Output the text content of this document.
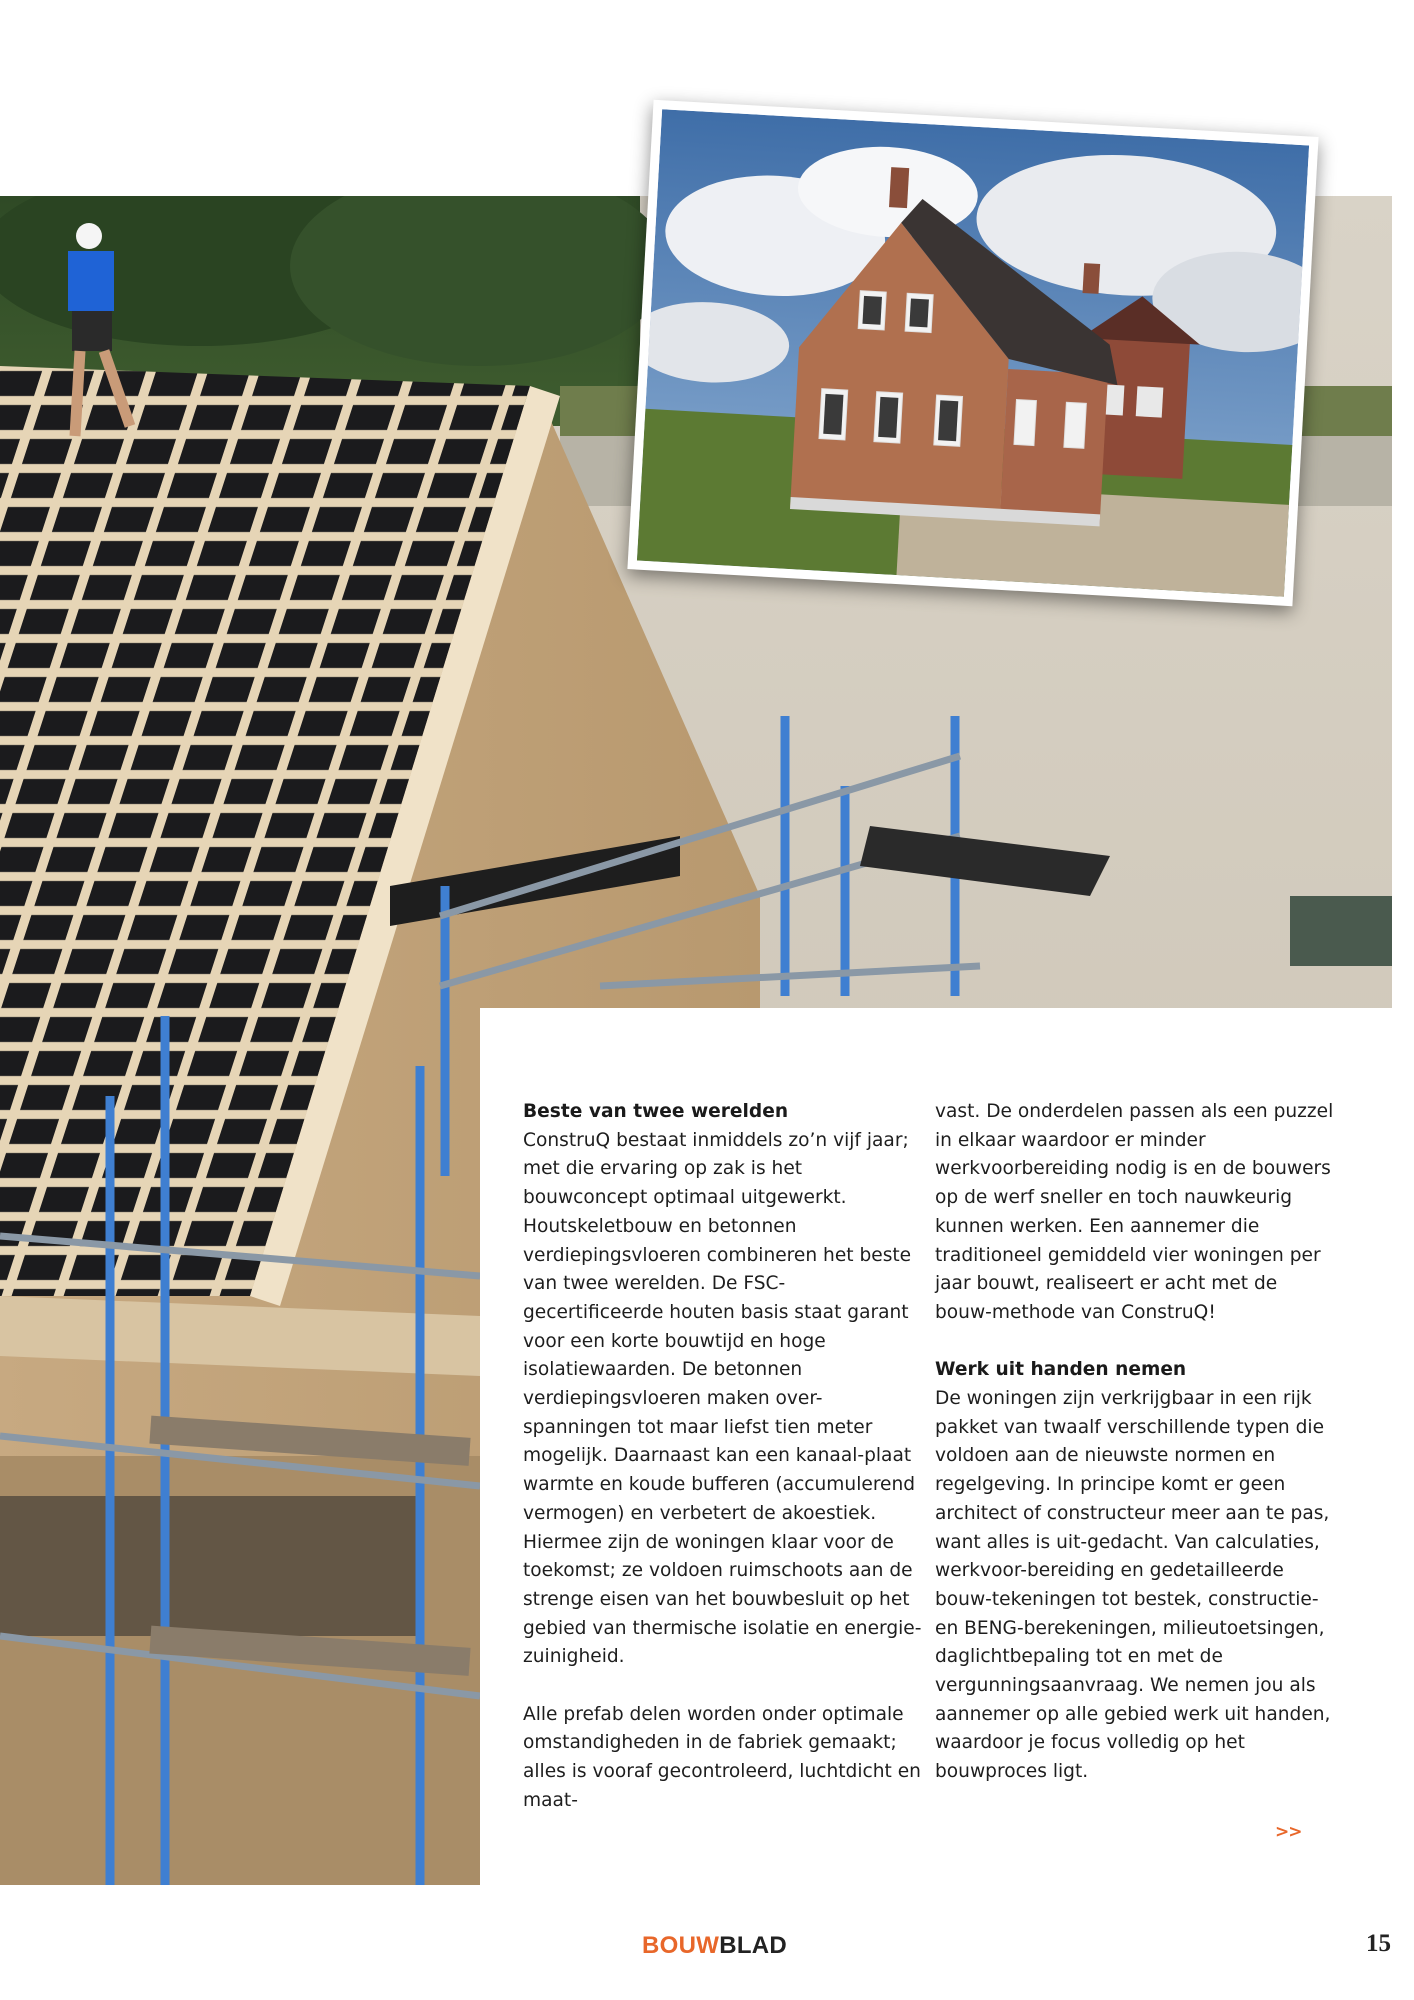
Beste van twee werelden

ConstruQ bestaat inmiddels zo’n vijf jaar; met die ervaring op zak is het bouwconcept optimaal uitgewerkt. Houtskeletbouw en betonnen verdiepingsvloeren combineren het beste van twee werelden. De FSC-gecertificeerde houten basis staat garant voor een korte bouwtijd en hoge isolatiewaarden. De betonnen verdiepingsvloeren maken over-spanningen tot maar liefst tien meter mogelijk. Daarnaast kan een kanaal-plaat warmte en koude bufferen (accumulerend vermogen) en verbetert de akoestiek. Hiermee zijn de woningen klaar voor de toekomst; ze voldoen ruimschoots aan de strenge eisen van het bouwbesluit op het gebied van thermische isolatie en energie-zuinigheid.

Alle prefab delen worden onder optimale omstandigheden in de fabriek gemaakt; alles is vooraf gecontroleerd, luchtdicht en maat-

vast. De onderdelen passen als een puzzel in elkaar waardoor er minder werkvoorbereiding nodig is en de bouwers op de werf sneller en toch nauwkeurig kunnen werken. Een aannemer die traditioneel gemiddeld vier woningen per jaar bouwt, realiseert er acht met de bouw-methode van ConstruQ!

Werk uit handen nemen

De woningen zijn verkrijgbaar in een rijk pakket van twaalf verschillende typen die voldoen aan de nieuwste normen en regelgeving. In principe komt er geen architect of constructeur meer aan te pas, want alles is uit-gedacht. Van calculaties, werkvoor-bereiding en gedetailleerde bouw-tekeningen tot bestek, constructie- en BENG-berekeningen, milieutoetsingen, daglichtbepaling tot en met de vergunningsaanvraag. We nemen jou als aannemer op alle gebied werk uit handen, waardoor je focus volledig op het bouwproces ligt.

>>
BOUWBLAD	15
